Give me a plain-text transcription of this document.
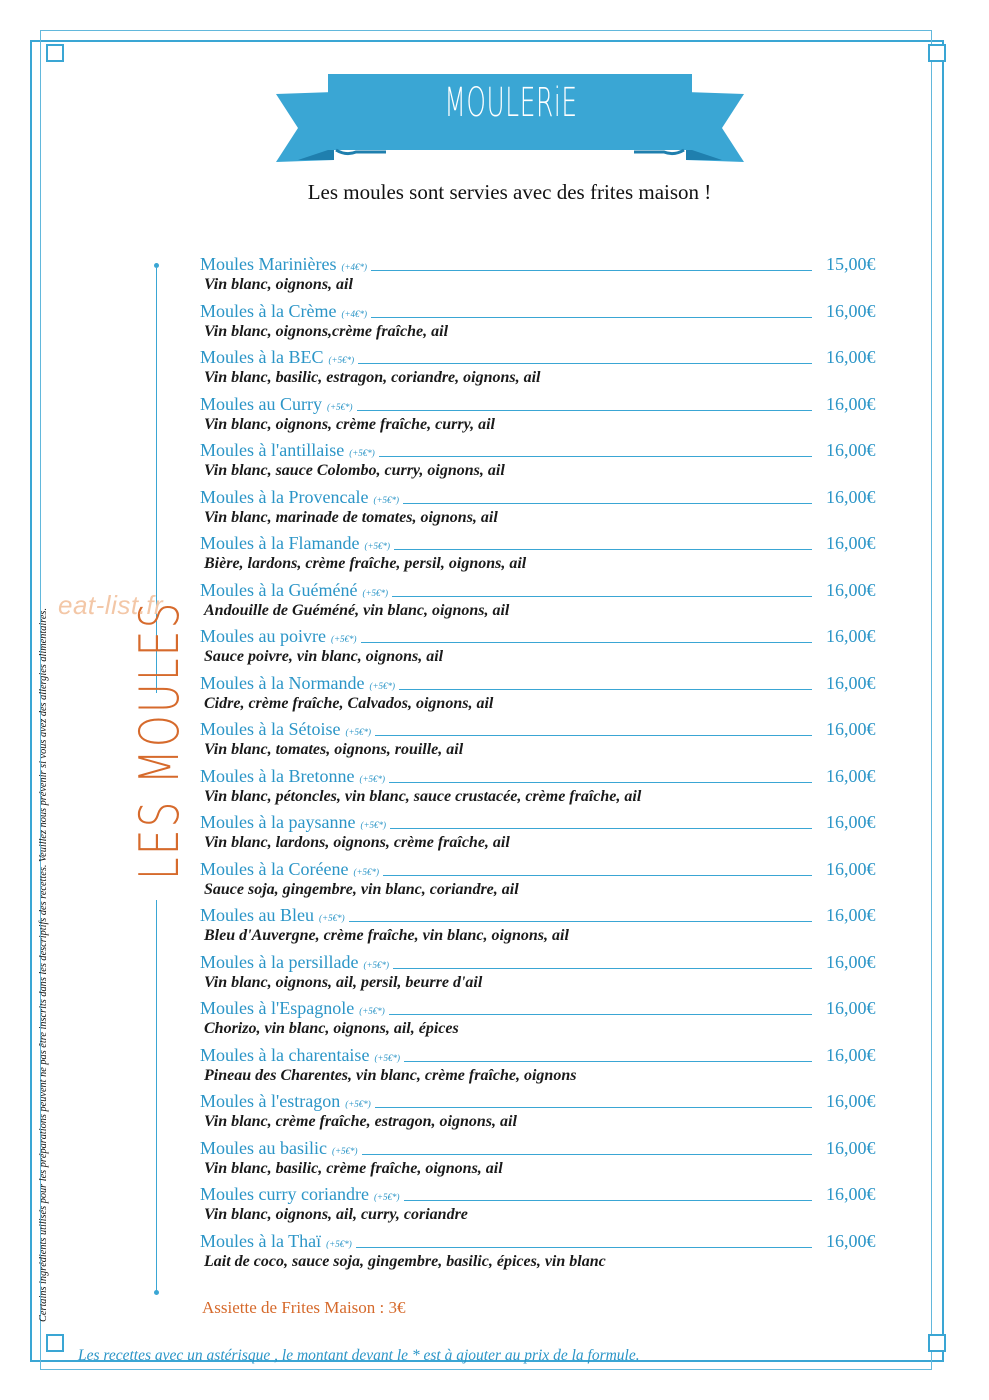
MOULERiE
Les moules sont servies avec des frites maison !
LES MOULES
Certains ingrédients utilisés pour les préparations peuvent ne pas être inscrits dans les descriptifs des recettes. Veuillez nous prévenir si vous avez des allergies alimentaires.
eat-list.fr
Moules Marinières (+4€*)	15,00€
Vin blanc, oignons, ail
Moules à la Crème (+4€*)	16,00€
Vin blanc, oignons,crème fraîche, ail
Moules à la BEC (+5€*)	16,00€
Vin blanc, basilic, estragon, coriandre, oignons, ail
Moules au Curry (+5€*)	16,00€
Vin blanc, oignons, crème fraîche, curry, ail
Moules à l'antillaise (+5€*)	16,00€
Vin blanc, sauce Colombo, curry, oignons, ail
Moules à la Provencale (+5€*)	16,00€
Vin blanc, marinade de tomates, oignons, ail
Moules à la Flamande (+5€*)	16,00€
Bière, lardons, crème fraîche, persil, oignons, ail
Moules à la Guéméné (+5€*)	16,00€
Andouille de Guéméné, vin blanc, oignons, ail
Moules au poivre (+5€*)	16,00€
Sauce poivre, vin blanc, oignons, ail
Moules à la Normande (+5€*)	16,00€
Cidre, crème fraîche, Calvados, oignons, ail
Moules à la Sétoise (+5€*)	16,00€
Vin blanc, tomates, oignons, rouille, ail
Moules à la Bretonne (+5€*)	16,00€
Vin blanc, pétoncles, vin blanc, sauce crustacée, crème fraîche, ail
Moules à la paysanne (+5€*)	16,00€
Vin blanc, lardons, oignons, crème fraîche, ail
Moules à la Coréene (+5€*)	16,00€
Sauce soja, gingembre, vin blanc, coriandre, ail
Moules au Bleu (+5€*)	16,00€
Bleu d'Auvergne, crème fraîche, vin blanc, oignons, ail
Moules à la persillade (+5€*)	16,00€
Vin blanc, oignons, ail, persil, beurre d'ail
Moules à l'Espagnole (+5€*)	16,00€
Chorizo, vin blanc, oignons, ail, épices
Moules à la charentaise (+5€*)	16,00€
Pineau des Charentes, vin blanc, crème fraîche, oignons
Moules à l'estragon (+5€*)	16,00€
Vin blanc, crème fraîche, estragon, oignons, ail
Moules au basilic (+5€*)	16,00€
Vin blanc, basilic, crème fraîche, oignons, ail
Moules curry coriandre (+5€*)	16,00€
Vin blanc, oignons, ail, curry, coriandre
Moules à la Thaï (+5€*)	16,00€
Lait de coco, sauce soja, gingembre, basilic, épices, vin blanc
Assiette de Frites Maison : 3€
Les recettes avec un astérisque , le montant devant le * est à ajouter au prix de la formule.
